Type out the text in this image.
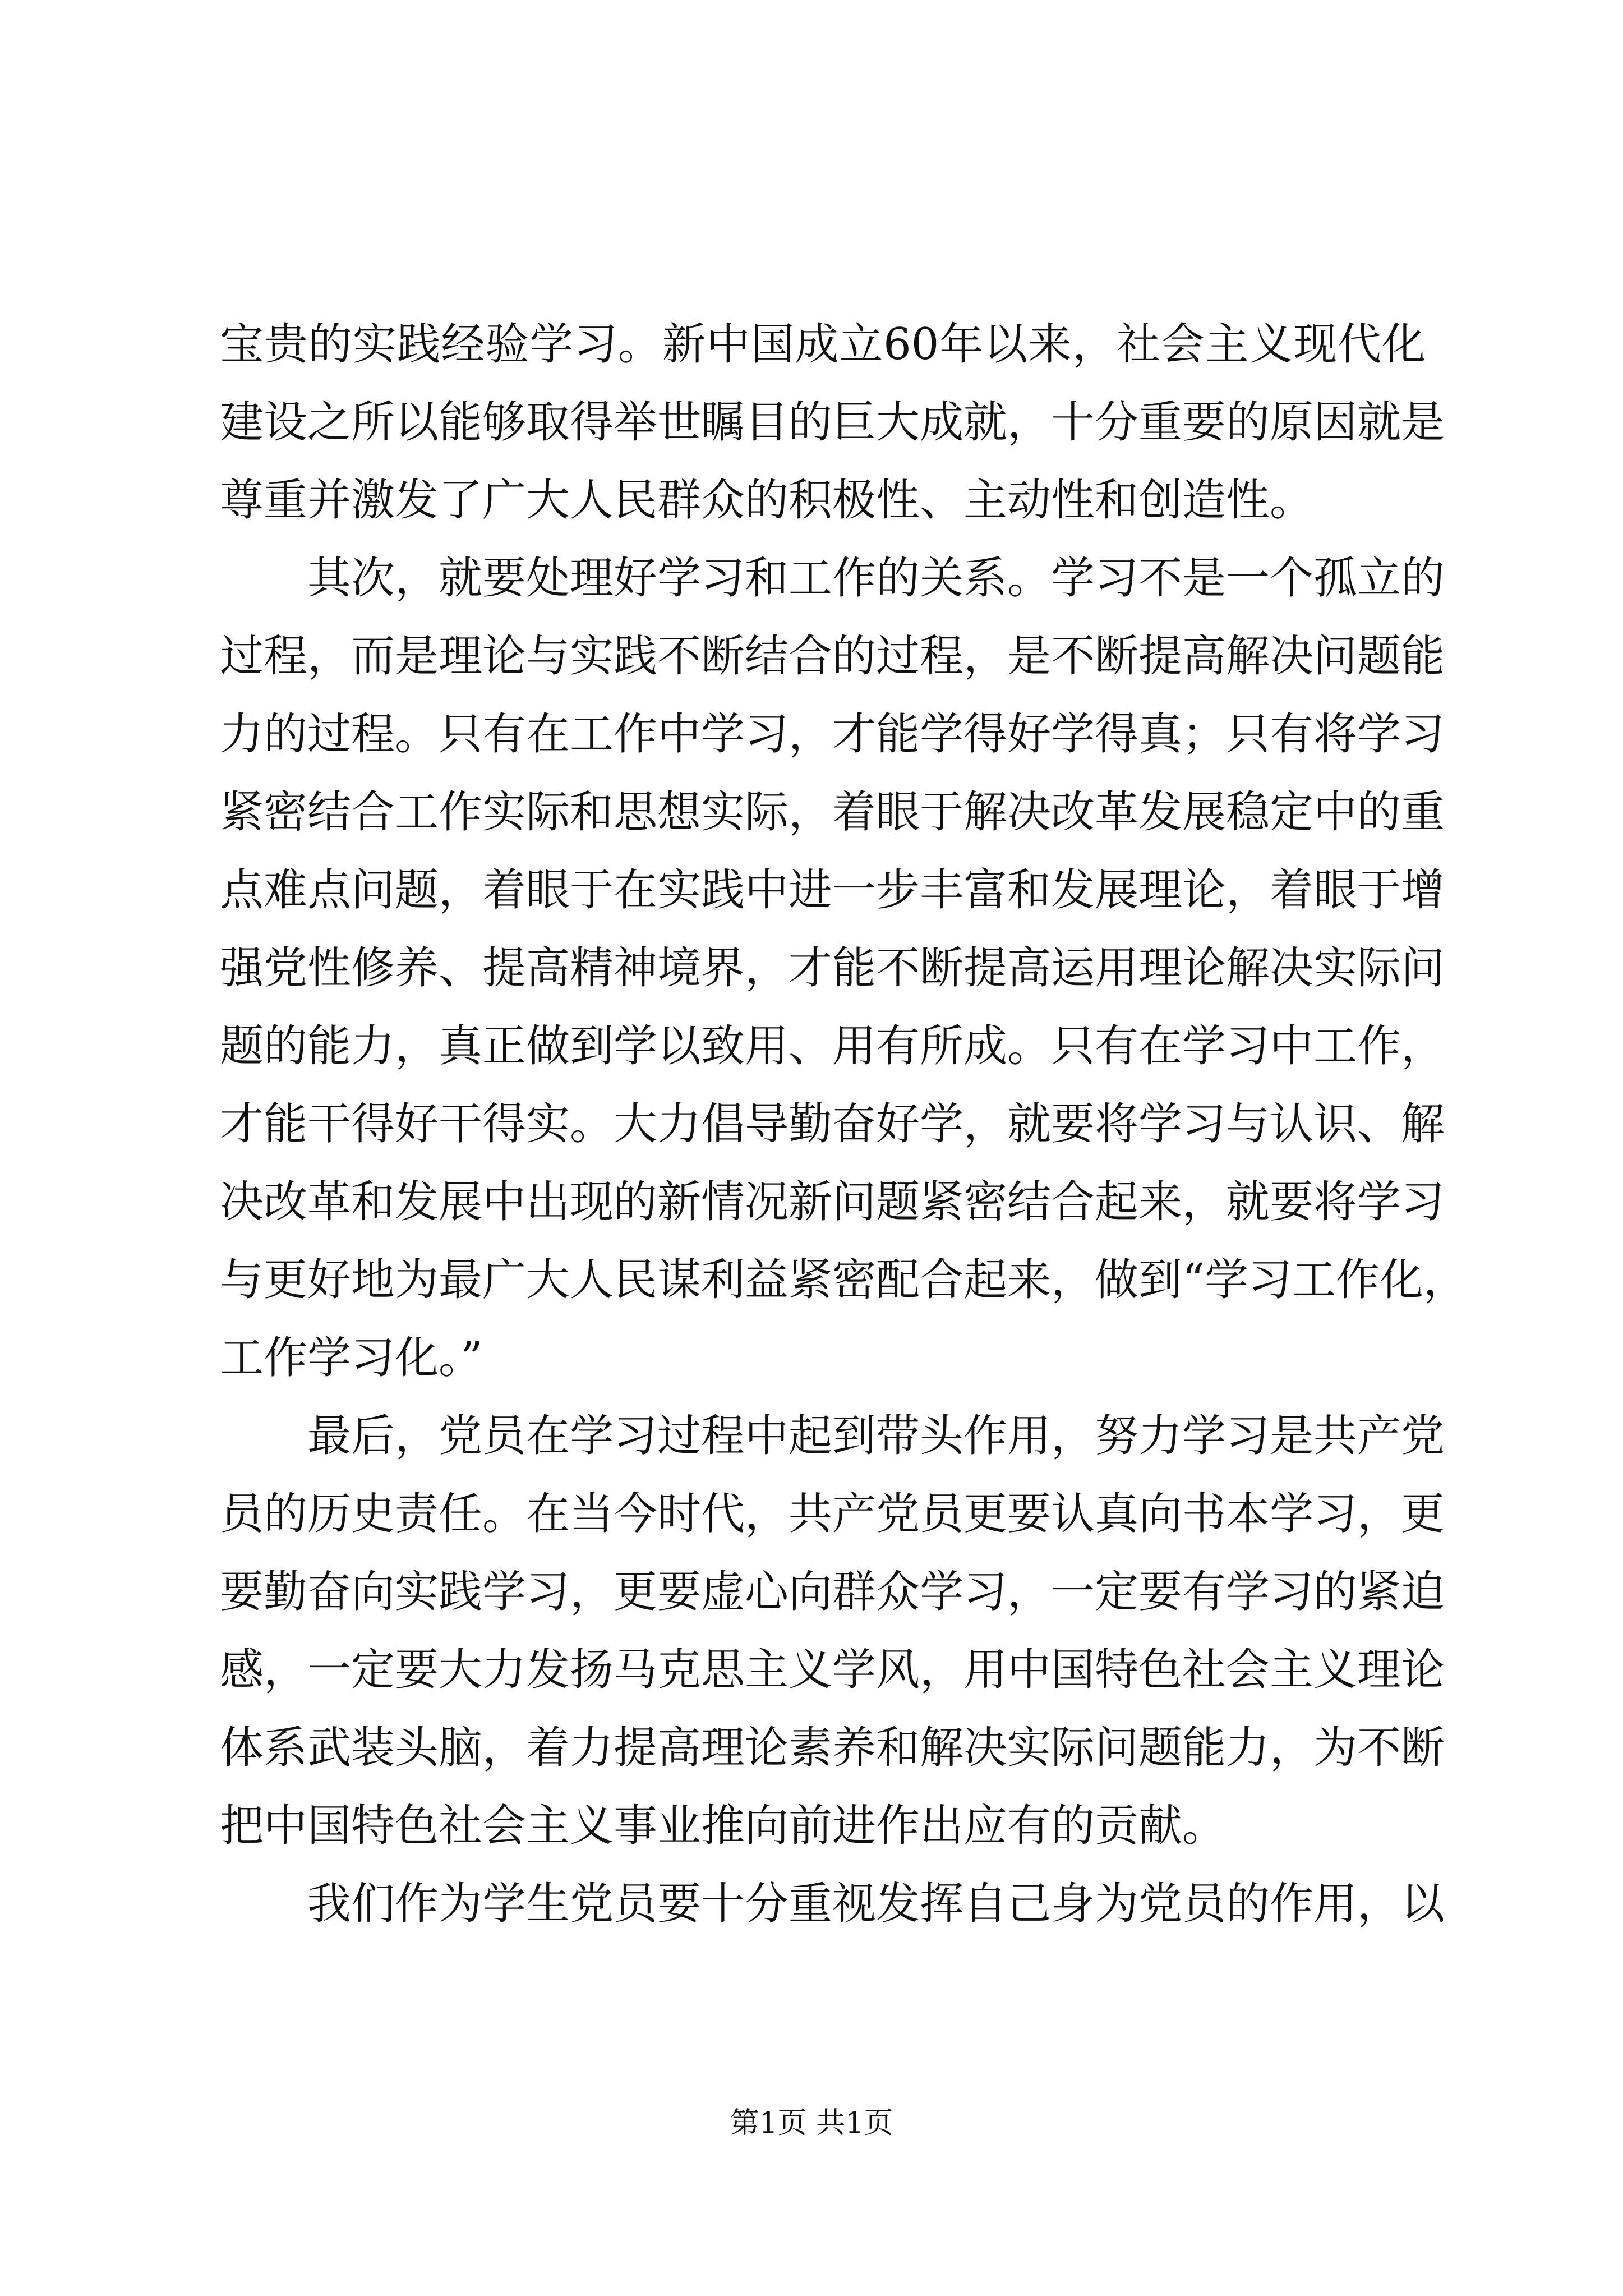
宝贵的实践经验学习。新中国成立60年以来，社会主义现代化
建设之所以能够取得举世瞩目的巨大成就，十分重要的原因就是
尊重并激发了广大人民群众的积极性、主动性和创造性。
其次，就要处理好学习和工作的关系。学习不是一个孤立的
过程，而是理论与实践不断结合的过程，是不断提高解决问题能
力的过程。只有在工作中学习，才能学得好学得真；只有将学习
紧密结合工作实际和思想实际，着眼于解决改革发展稳定中的重
点难点问题，着眼于在实践中进一步丰富和发展理论，着眼于增
强党性修养、提高精神境界，才能不断提高运用理论解决实际问
题的能力，真正做到学以致用、用有所成。只有在学习中工作，
才能干得好干得实。大力倡导勤奋好学，就要将学习与认识、解
决改革和发展中出现的新情况新问题紧密结合起来，就要将学习
与更好地为最广大人民谋利益紧密配合起来，做到“学习工作化，
工作学习化。”
最后，党员在学习过程中起到带头作用，努力学习是共产党
员的历史责任。在当今时代，共产党员更要认真向书本学习，更
要勤奋向实践学习，更要虚心向群众学习，一定要有学习的紧迫
感，一定要大力发扬马克思主义学风，用中国特色社会主义理论
体系武装头脑，着力提高理论素养和解决实际问题能力，为不断
把中国特色社会主义事业推向前进作出应有的贡献。
我们作为学生党员要十分重视发挥自己身为党员的作用，以
第1页 共1页
